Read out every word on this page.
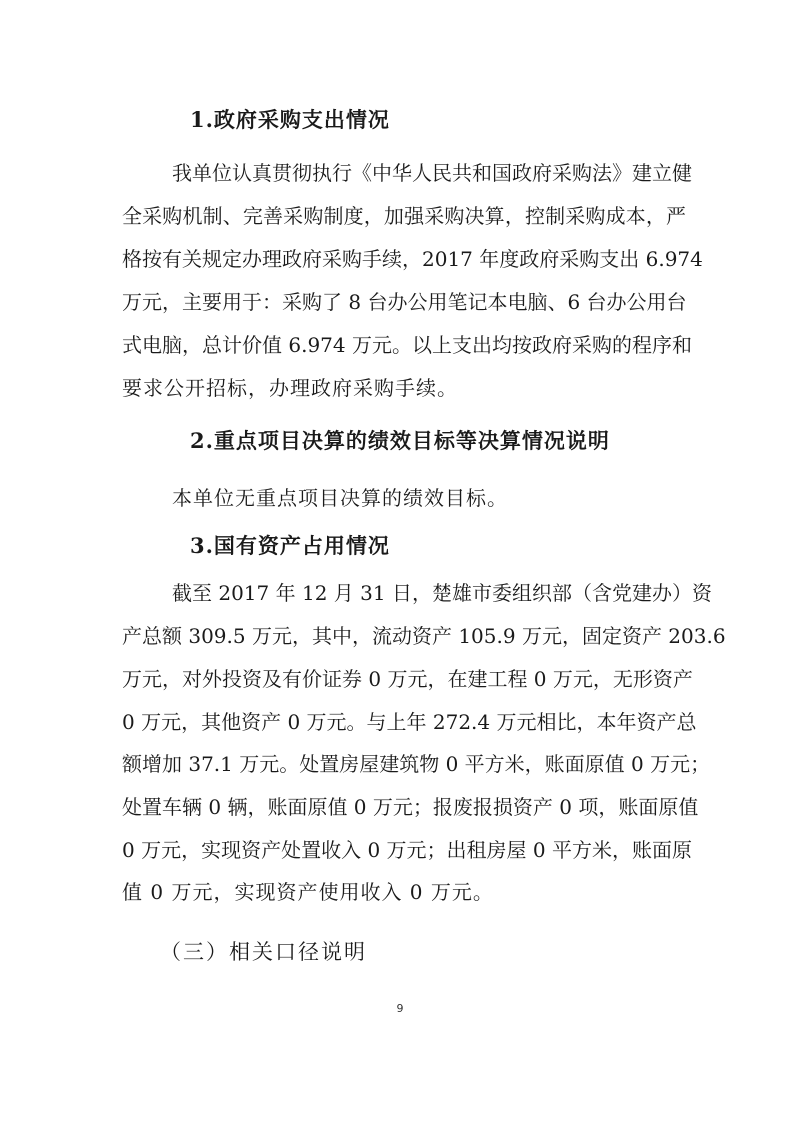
1.政府采购支出情况
我单位认真贯彻执行《中华人民共和国政府采购法》建立健
全采购机制、完善采购制度，加强采购决算，控制采购成本，严
格按有关规定办理政府采购手续，2017 年度政府采购支出 6.974
万元，主要用于：采购了 8 台办公用笔记本电脑、6 台办公用台
式电脑，总计价值 6.974 万元。以上支出均按政府采购的程序和
要求公开招标，办理政府采购手续。
2.重点项目决算的绩效目标等决算情况说明
本单位无重点项目决算的绩效目标。
3.国有资产占用情况
截至 2017 年 12 月 31 日，楚雄市委组织部（含党建办）资
产总额 309.5 万元，其中，流动资产 105.9 万元，固定资产 203.6
万元，对外投资及有价证券 0 万元，在建工程 0 万元，无形资产
0 万元，其他资产 0 万元。与上年 272.4 万元相比，本年资产总
额增加 37.1 万元。处置房屋建筑物 0 平方米，账面原值 0 万元；
处置车辆 0 辆，账面原值 0 万元；报废报损资产 0 项，账面原值
0 万元，实现资产处置收入 0 万元；出租房屋 0 平方米，账面原
值 0 万元，实现资产使用收入 0 万元。
（三）相关口径说明
9
